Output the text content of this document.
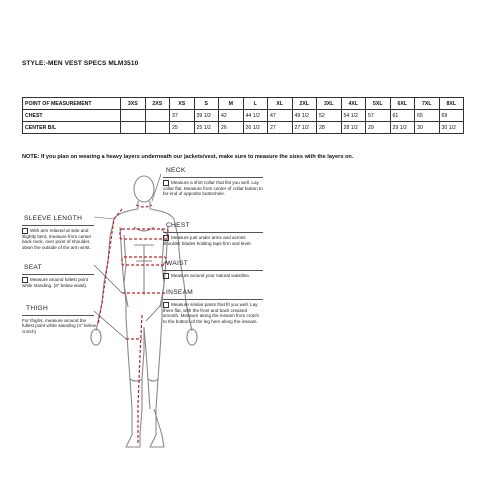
STYLE:-MEN VEST SPECS MLM3510
POINT OF MEASUREMENT	3XS	2XS	XS	S	M	L	XL	2XL	3XL	4XL	5XL	6XL	7XL	8XL
CHEST			37	39 1/2	42	44 1/2	47	49 1/2	52	54 1/2	57	61	65	69
CENTER B/L			25	25 1/2	26	26 1/2	27	27 1/2	28	28 1/2	29	29 1/2	30	30 1/2
NOTE: If you plan on wearing a heavy layers underneath our jackets/vest, make sure to measure the sizes with the layers on.
NECK
Measure a shirt collar that fits you well. Lay collar flat. Measure from center of collar button to far end of opposite buttonhole.
CHEST
Measure just under arms and across shoulder blades holding tape firm and level.
WAIST
Measure around your natural waistline.
INSEAM
Measure similar pants that fit you well. Lay them flat, with the front and back creased smooth. Measure along the inseam from crotch to the bottom of the leg hem along the inseam.
SLEEVE LENGTH
With arm relaxed at side and slightly bent, measure from center back neck, over point of shoulder, down the outside of the arm wrist.
SEAT
Measure around fullest point while standing. (8" below waist).
THIGH
For thighs, measure around the fullest point while standing (4" below crotch)
